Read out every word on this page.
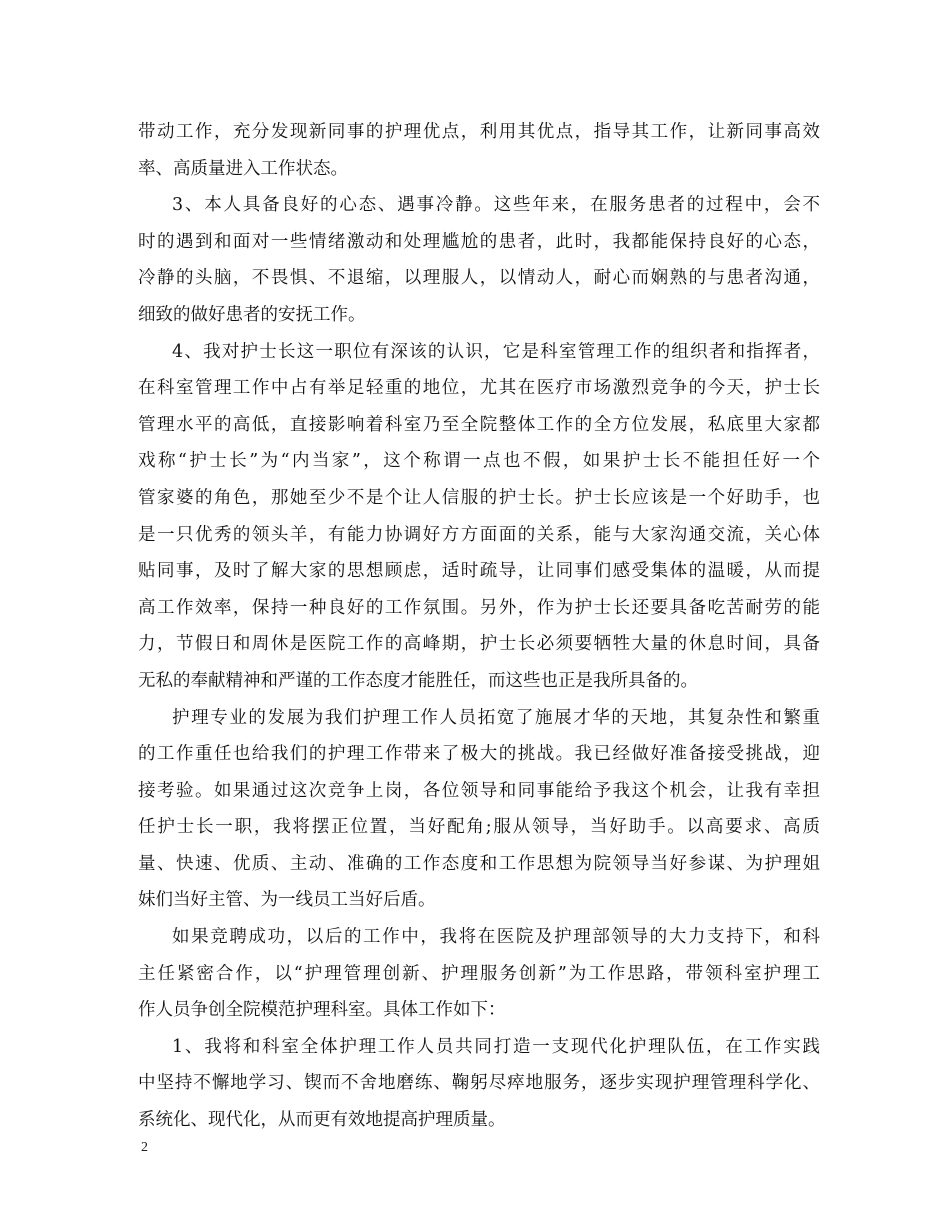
带动工作，充分发现新同事的护理优点，利用其优点，指导其工作，让新同事高效
率、高质量进入工作状态。
3、本人具备良好的心态、遇事冷静。这些年来，在服务患者的过程中，会不
时的遇到和面对一些情绪激动和处理尴尬的患者，此时，我都能保持良好的心态，
冷静的头脑，不畏惧、不退缩，以理服人，以情动人，耐心而娴熟的与患者沟通，
细致的做好患者的安抚工作。
4、我对护士长这一职位有深该的认识，它是科室管理工作的组织者和指挥者，
在科室管理工作中占有举足轻重的地位，尤其在医疗市场激烈竞争的今天，护士长
管理水平的高低，直接影响着科室乃至全院整体工作的全方位发展，私底里大家都
戏称“护士长”为“内当家”，这个称谓一点也不假，如果护士长不能担任好一个
管家婆的角色，那她至少不是个让人信服的护士长。护士长应该是一个好助手，也
是一只优秀的领头羊，有能力协调好方方面面的关系，能与大家沟通交流，关心体
贴同事，及时了解大家的思想顾虑，适时疏导，让同事们感受集体的温暖，从而提
高工作效率，保持一种良好的工作氛围。另外，作为护士长还要具备吃苦耐劳的能
力，节假日和周休是医院工作的高峰期，护士长必须要牺牲大量的休息时间，具备
无私的奉献精神和严谨的工作态度才能胜任，而这些也正是我所具备的。
护理专业的发展为我们护理工作人员拓宽了施展才华的天地，其复杂性和繁重
的工作重任也给我们的护理工作带来了极大的挑战。我已经做好准备接受挑战，迎
接考验。如果通过这次竞争上岗，各位领导和同事能给予我这个机会，让我有幸担
任护士长一职，我将摆正位置，当好配角;服从领导，当好助手。以高要求、高质
量、快速、优质、主动、准确的工作态度和工作思想为院领导当好参谋、为护理姐
妹们当好主管、为一线员工当好后盾。
如果竞聘成功，以后的工作中，我将在医院及护理部领导的大力支持下，和科
主任紧密合作，以“护理管理创新、护理服务创新”为工作思路，带领科室护理工
作人员争创全院模范护理科室。具体工作如下：
1、我将和科室全体护理工作人员共同打造一支现代化护理队伍，在工作实践
中坚持不懈地学习、锲而不舍地磨练、鞠躬尽瘁地服务，逐步实现护理管理科学化、
系统化、现代化，从而更有效地提高护理质量。
2
